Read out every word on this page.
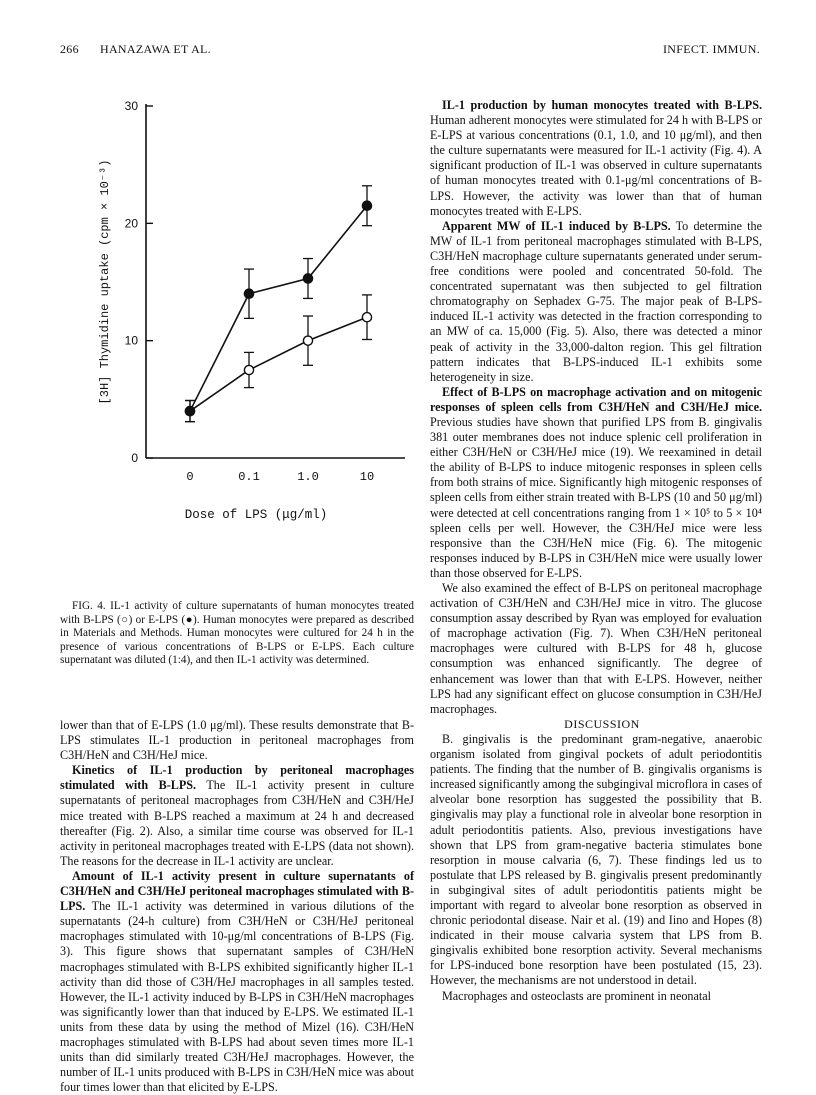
266 HANAZAWA ET AL.	INFECT. IMMUN.
0
10
20
30
0	0.1	1.0	10
Dose of LPS (μg/ml)
[3H] Thymidine uptake (cpm × 10⁻³)

FIG. 4. IL-1 activity of culture supernatants of human monocytes treated with B-LPS (○) or E-LPS (●). Human monocytes were prepared as described in Materials and Methods. Human monocytes were cultured for 24 h in the presence of various concentrations of B-LPS or E-LPS. Each culture supernatant was diluted (1:4), and then IL-1 activity was determined.

lower than that of E-LPS (1.0 μg/ml). These results demonstrate that B-LPS stimulates IL-1 production in peritoneal macrophages from C3H/HeN and C3H/HeJ mice.

Kinetics of IL-1 production by peritoneal macrophages stimulated with B-LPS. The IL-1 activity present in culture supernatants of peritoneal macrophages from C3H/HeN and C3H/HeJ mice treated with B-LPS reached a maximum at 24 h and decreased thereafter (Fig. 2). Also, a similar time course was observed for IL-1 activity in peritoneal macrophages treated with E-LPS (data not shown). The reasons for the decrease in IL-1 activity are unclear.

Amount of IL-1 activity present in culture supernatants of C3H/HeN and C3H/HeJ peritoneal macrophages stimulated with B-LPS. The IL-1 activity was determined in various dilutions of the supernatants (24-h culture) from C3H/HeN or C3H/HeJ peritoneal macrophages stimulated with 10-μg/ml concentrations of B-LPS (Fig. 3). This figure shows that supernatant samples of C3H/HeN macrophages stimulated with B-LPS exhibited significantly higher IL-1 activity than did those of C3H/HeJ macrophages in all samples tested. However, the IL-1 activity induced by B-LPS in C3H/HeN macrophages was significantly lower than that induced by E-LPS. We estimated IL-1 units from these data by using the method of Mizel (16). C3H/HeN macrophages stimulated with B-LPS had about seven times more IL-1 units than did similarly treated C3H/HeJ macrophages. However, the number of IL-1 units produced with B-LPS in C3H/HeN mice was about four times lower than that elicited by E-LPS.

IL-1 production by human monocytes treated with B-LPS. Human adherent monocytes were stimulated for 24 h with B-LPS or E-LPS at various concentrations (0.1, 1.0, and 10 μg/ml), and then the culture supernatants were measured for IL-1 activity (Fig. 4). A significant production of IL-1 was observed in culture supernatants of human monocytes treated with 0.1-μg/ml concentrations of B-LPS. However, the activity was lower than that of human monocytes treated with E-LPS.

Apparent MW of IL-1 induced by B-LPS. To determine the MW of IL-1 from peritoneal macrophages stimulated with B-LPS, C3H/HeN macrophage culture supernatants generated under serum-free conditions were pooled and concentrated 50-fold. The concentrated supernatant was then subjected to gel filtration chromatography on Sephadex G-75. The major peak of B-LPS-induced IL-1 activity was detected in the fraction corresponding to an MW of ca. 15,000 (Fig. 5). Also, there was detected a minor peak of activity in the 33,000-dalton region. This gel filtration pattern indicates that B-LPS-induced IL-1 exhibits some heterogeneity in size.

Effect of B-LPS on macrophage activation and on mitogenic responses of spleen cells from C3H/HeN and C3H/HeJ mice. Previous studies have shown that purified LPS from B. gingivalis 381 outer membranes does not induce splenic cell proliferation in either C3H/HeN or C3H/HeJ mice (19). We reexamined in detail the ability of B-LPS to induce mitogenic responses in spleen cells from both strains of mice. Significantly high mitogenic responses of spleen cells from either strain treated with B-LPS (10 and 50 μg/ml) were detected at cell concentrations ranging from 1 × 10⁵ to 5 × 10⁴ spleen cells per well. However, the C3H/HeJ mice were less responsive than the C3H/HeN mice (Fig. 6). The mitogenic responses induced by B-LPS in C3H/HeN mice were usually lower than those observed for E-LPS.

We also examined the effect of B-LPS on peritoneal macrophage activation of C3H/HeN and C3H/HeJ mice in vitro. The glucose consumption assay described by Ryan was employed for evaluation of macrophage activation (Fig. 7). When C3H/HeN peritoneal macrophages were cultured with B-LPS for 48 h, glucose consumption was enhanced significantly. The degree of enhancement was lower than that with E-LPS. However, neither LPS had any significant effect on glucose consumption in C3H/HeJ macrophages.

DISCUSSION

B. gingivalis is the predominant gram-negative, anaerobic organism isolated from gingival pockets of adult periodontitis patients. The finding that the number of B. gingivalis organisms is increased significantly among the subgingival microflora in cases of alveolar bone resorption has suggested the possibility that B. gingivalis may play a functional role in alveolar bone resorption in adult periodontitis patients. Also, previous investigations have shown that LPS from gram-negative bacteria stimulates bone resorption in mouse calvaria (6, 7). These findings led us to postulate that LPS released by B. gingivalis present predominantly in subgingival sites of adult periodontitis patients might be important with regard to alveolar bone resorption as observed in chronic periodontal disease. Nair et al. (19) and Iino and Hopes (8) indicated in their mouse calvaria system that LPS from B. gingivalis exhibited bone resorption activity. Several mechanisms for LPS-induced bone resorption have been postulated (15, 23). However, the mechanisms are not understood in detail.

Macrophages and osteoclasts are prominent in neonatal
